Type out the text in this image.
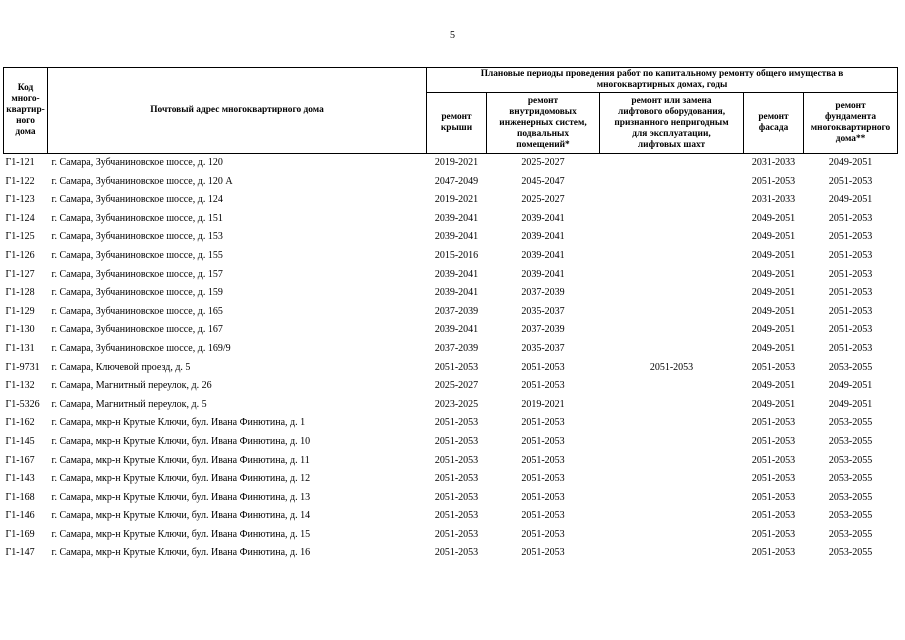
5
Код
много-
квартир-
ного
дома	Почтовый адрес многоквартирного дома	Плановые периоды проведения работ по капитальному ремонту общего имущества в
многоквартирных домах, годы				
		ремонт
крыши	ремонт
внутридомовых
инженерных систем,
подвальных
помещений*	ремонт или замена
лифтового оборудования,
признанного непригодным
для эксплуатации,
лифтовых шахт	ремонт
фасада	ремонт
фундамента
многоквартирного
дома**
Г1-121	г. Самара, Зубчаниновское шоссе, д. 120	2019-2021	2025-2027		2031-2033	2049-2051
Г1-122	г. Самара, Зубчаниновское шоссе, д. 120 А	2047-2049	2045-2047		2051-2053	2051-2053
Г1-123	г. Самара, Зубчаниновское шоссе, д. 124	2019-2021	2025-2027		2031-2033	2049-2051
Г1-124	г. Самара, Зубчаниновское шоссе, д. 151	2039-2041	2039-2041		2049-2051	2051-2053
Г1-125	г. Самара, Зубчаниновское шоссе, д. 153	2039-2041	2039-2041		2049-2051	2051-2053
Г1-126	г. Самара, Зубчаниновское шоссе, д. 155	2015-2016	2039-2041		2049-2051	2051-2053
Г1-127	г. Самара, Зубчаниновское шоссе, д. 157	2039-2041	2039-2041		2049-2051	2051-2053
Г1-128	г. Самара, Зубчаниновское шоссе, д. 159	2039-2041	2037-2039		2049-2051	2051-2053
Г1-129	г. Самара, Зубчаниновское шоссе, д. 165	2037-2039	2035-2037		2049-2051	2051-2053
Г1-130	г. Самара, Зубчаниновское шоссе, д. 167	2039-2041	2037-2039		2049-2051	2051-2053
Г1-131	г. Самара, Зубчаниновское шоссе, д. 169/9	2037-2039	2035-2037		2049-2051	2051-2053
Г1-9731	г. Самара, Ключевой проезд, д. 5	2051-2053	2051-2053	2051-2053	2051-2053	2053-2055
Г1-132	г. Самара, Магнитный переулок, д. 26	2025-2027	2051-2053		2049-2051	2049-2051
Г1-5326	г. Самара, Магнитный переулок, д. 5	2023-2025	2019-2021		2049-2051	2049-2051
Г1-162	г. Самара, мкр-н Крутые Ключи, бул. Ивана Финютина, д. 1	2051-2053	2051-2053		2051-2053	2053-2055
Г1-145	г. Самара, мкр-н Крутые Ключи, бул. Ивана Финютина, д. 10	2051-2053	2051-2053		2051-2053	2053-2055
Г1-167	г. Самара, мкр-н Крутые Ключи, бул. Ивана Финютина, д. 11	2051-2053	2051-2053		2051-2053	2053-2055
Г1-143	г. Самара, мкр-н Крутые Ключи, бул. Ивана Финютина, д. 12	2051-2053	2051-2053		2051-2053	2053-2055
Г1-168	г. Самара, мкр-н Крутые Ключи, бул. Ивана Финютина, д. 13	2051-2053	2051-2053		2051-2053	2053-2055
Г1-146	г. Самара, мкр-н Крутые Ключи, бул. Ивана Финютина, д. 14	2051-2053	2051-2053		2051-2053	2053-2055
Г1-169	г. Самара, мкр-н Крутые Ключи, бул. Ивана Финютина, д. 15	2051-2053	2051-2053		2051-2053	2053-2055
Г1-147	г. Самара, мкр-н Крутые Ключи, бул. Ивана Финютина, д. 16	2051-2053	2051-2053		2051-2053	2053-2055
